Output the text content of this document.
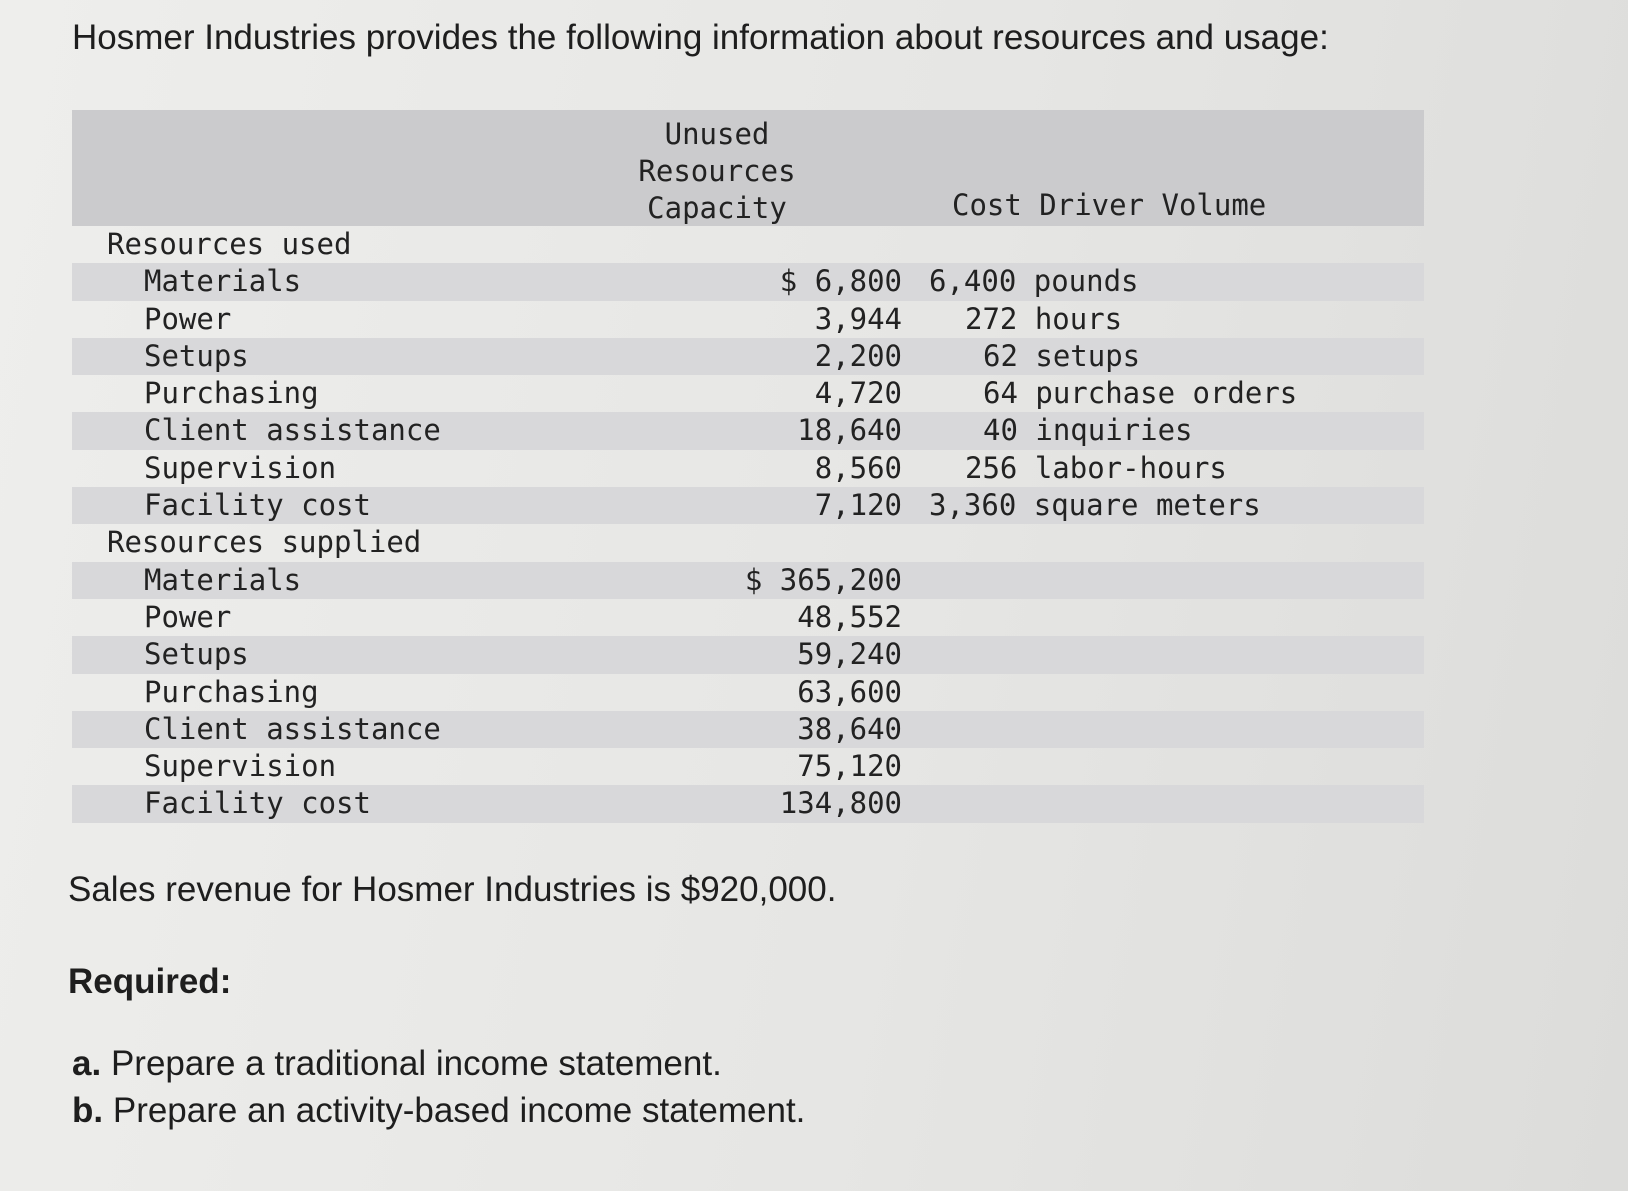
Hosmer Industries provides the following information about resources and usage:

Unused
Resources
Capacity	Cost Driver Volume
Resources used
Materials	$ 6,800 6,400 pounds
Power	3,944 272 hours
Setups	2,200	62 setups
Purchasing	4,720	64 purchase orders
Client assistance	18,640	40 inquiries
Supervision	8,560 256 labor-hours
Facility cost	7,120 3,360 square meters
Resources supplied
Materials	$ 365,200
Power	48,552
Setups	59,240
Purchasing	63,600
Client assistance	38,640
Supervision	75,120
Facility cost	134,800

Sales revenue for Hosmer Industries is $920,000.

Required:

a. Prepare a traditional income statement.
b. Prepare an activity-based income statement.
